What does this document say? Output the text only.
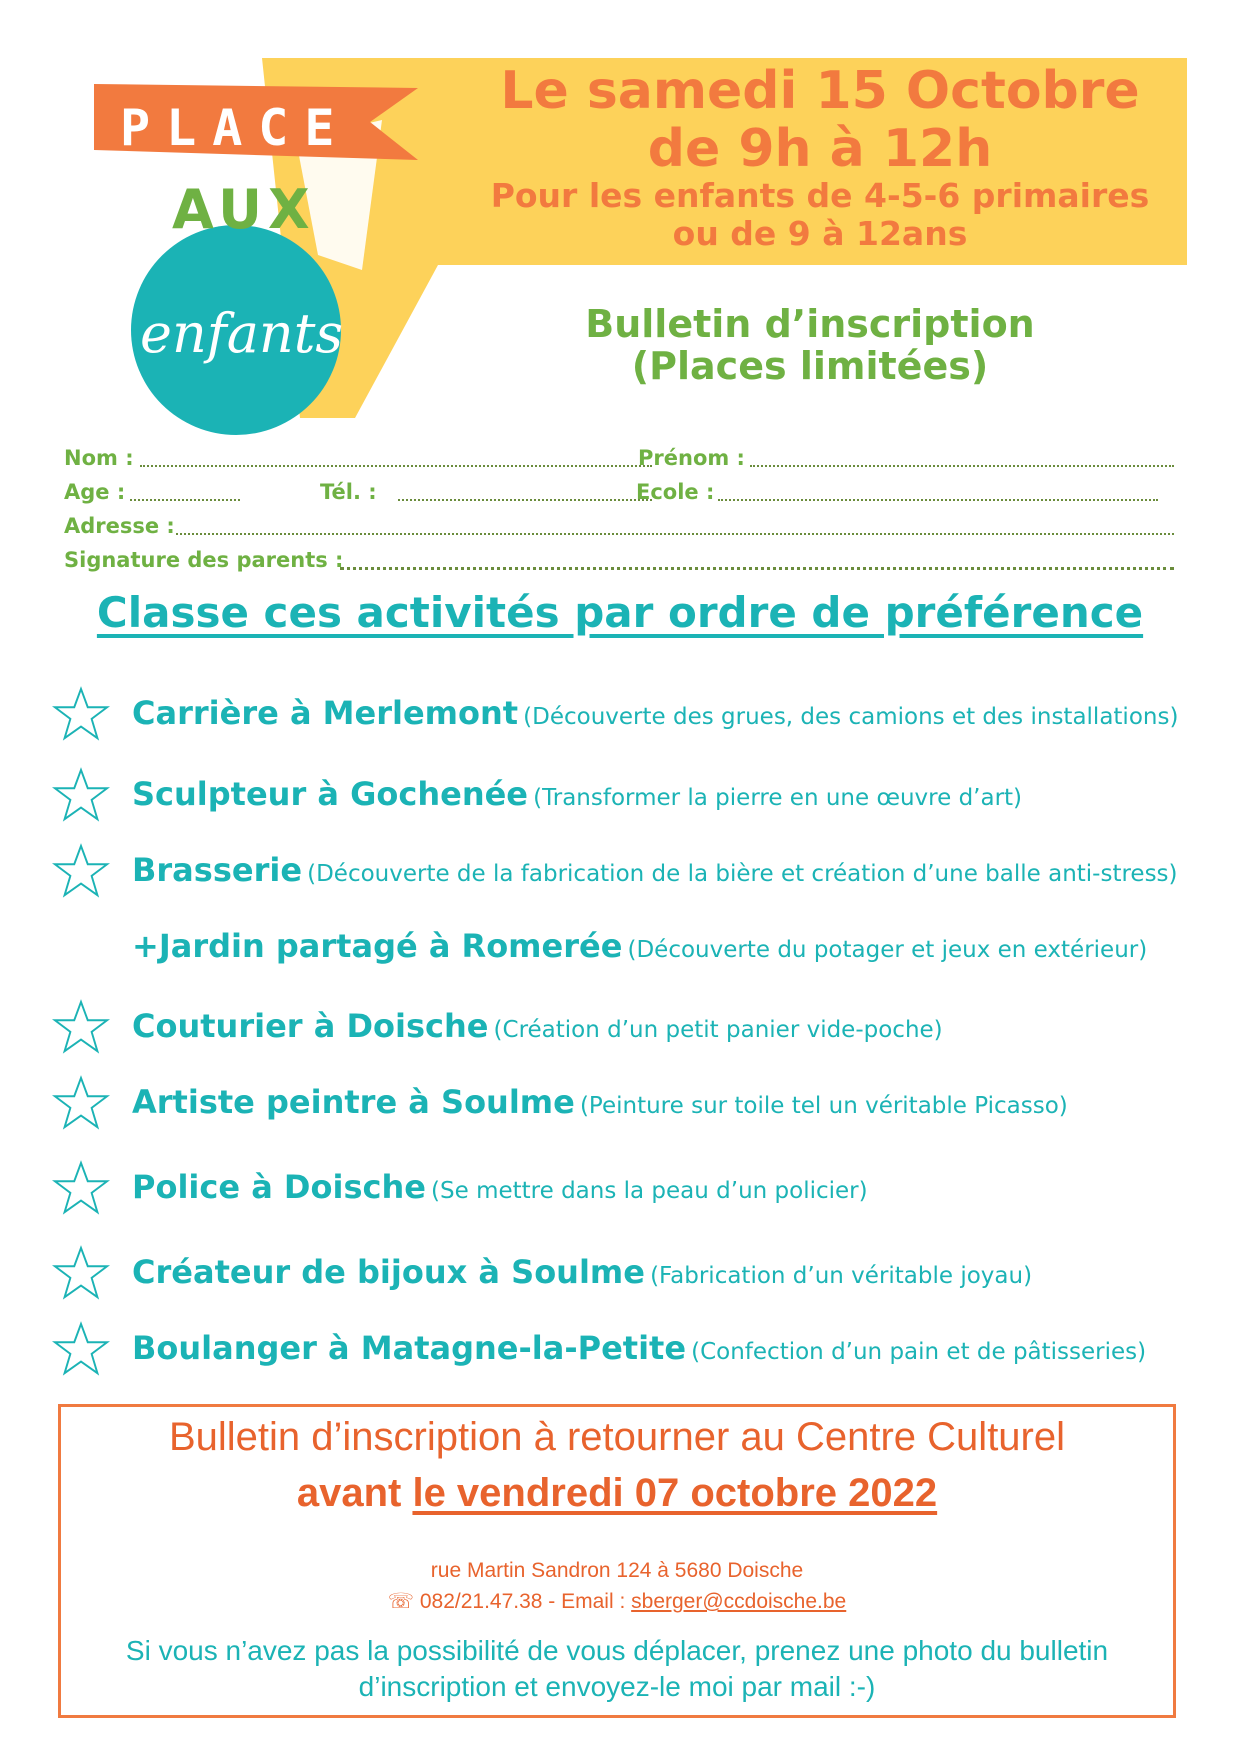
PLACE
AUX
enfants
Le samedi 15 Octobre
de 9h à 12h
Pour les enfants de 4-5-6 primaires
ou de 9 à 12ans
Bulletin d’inscription
(Places limitées)
Nom :	Prénom :
Age :	Tél. :	Ecole :
Adresse :
Signature des parents :
Classe ces activités par ordre de préférence
Carrière à Merlemont (Découverte des grues, des camions et des installations)
Sculpteur à Gochenée (Transformer la pierre en une œuvre d’art)
Brasserie (Découverte de la fabrication de la bière et création d’une balle anti-stress)
+Jardin partagé à Romerée (Découverte du potager et jeux en extérieur)
Couturier à Doische (Création d’un petit panier vide-poche)
Artiste peintre à Soulme (Peinture sur toile tel un véritable Picasso)
Police à Doische (Se mettre dans la peau d’un policier)
Créateur de bijoux à Soulme (Fabrication d’un véritable joyau)
Boulanger à Matagne-la-Petite (Confection d’un pain et de pâtisseries)
Bulletin d’inscription à retourner au Centre Culturel
avant le vendredi 07 octobre 2022
rue Martin Sandron 124 à 5680 Doische
☏ 082/21.47.38 - Email : sberger@ccdoische.be
Si vous n’avez pas la possibilité de vous déplacer, prenez une photo du bulletin
d’inscription et envoyez-le moi par mail :-)
